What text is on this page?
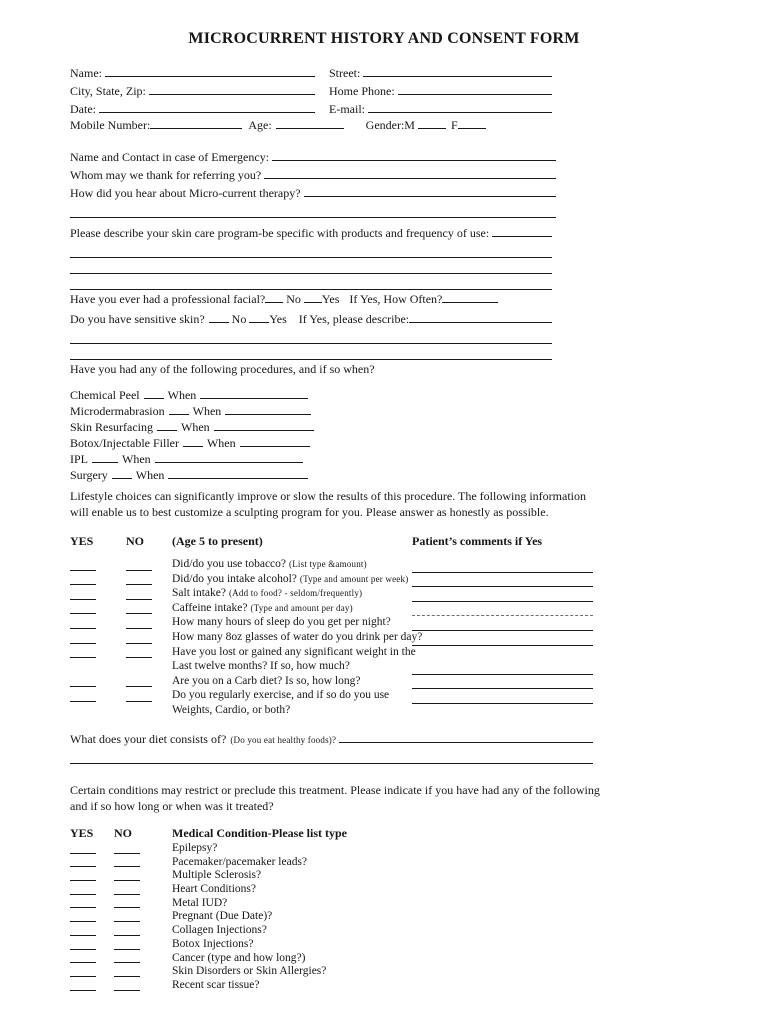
MICROCURRENT HISTORY AND CONSENT FORM
Name:	Street:
City, State, Zip:	Home Phone:
Date:	E-mail:
Mobile Number:	Age:	Gender:M	F
Name and Contact in case of Emergency:
Whom may we thank for referring you?
How did you hear about Micro-current therapy?
Please describe your skin care program-be specific with products and frequency of use:
Have you ever had a professional facial? No Yes If Yes, How Often?
Do you have sensitive skin? No Yes If Yes, please describe:
Have you had any of the following procedures, and if so when?
Chemical Peel When
Microdermabrasion When
Skin Resurfacing When
Botox/Injectable Filler When
IPL	When
Surgery When
Lifestyle choices can significantly improve or slow the results of this procedure. The following information will enable us to best customize a sculpting program for you. Please answer as honestly as possible.
YES	NO	(Age 5 to present)	Patient’s comments if Yes
Did/do you use tobacco? (List type &amount)
Did/do you intake alcohol? (Type and amount per week)
Salt intake? (Add to food? - seldom/frequently)
Caffeine intake? (Type and amount per day)
How many hours of sleep do you get per night?
How many 8oz glasses of water do you drink per day?
Have you lost or gained any significant weight in the
Last twelve months? If so, how much?
Are you on a Carb diet? Is so, how long?
Do you regularly exercise, and if so do you use
Weights, Cardio, or both?
What does your diet consists of? (Do you eat healthy foods)?
Certain conditions may restrict or preclude this treatment. Please indicate if you have had any of the following and if so how long or when was it treated?
YES	NO	Medical Condition-Please list type
Epilepsy?
Pacemaker/pacemaker leads?
Multiple Sclerosis?
Heart Conditions?
Metal IUD?
Pregnant (Due Date)?
Collagen Injections?
Botox Injections?
Cancer (type and how long?)
Skin Disorders or Skin Allergies?
Recent scar tissue?
